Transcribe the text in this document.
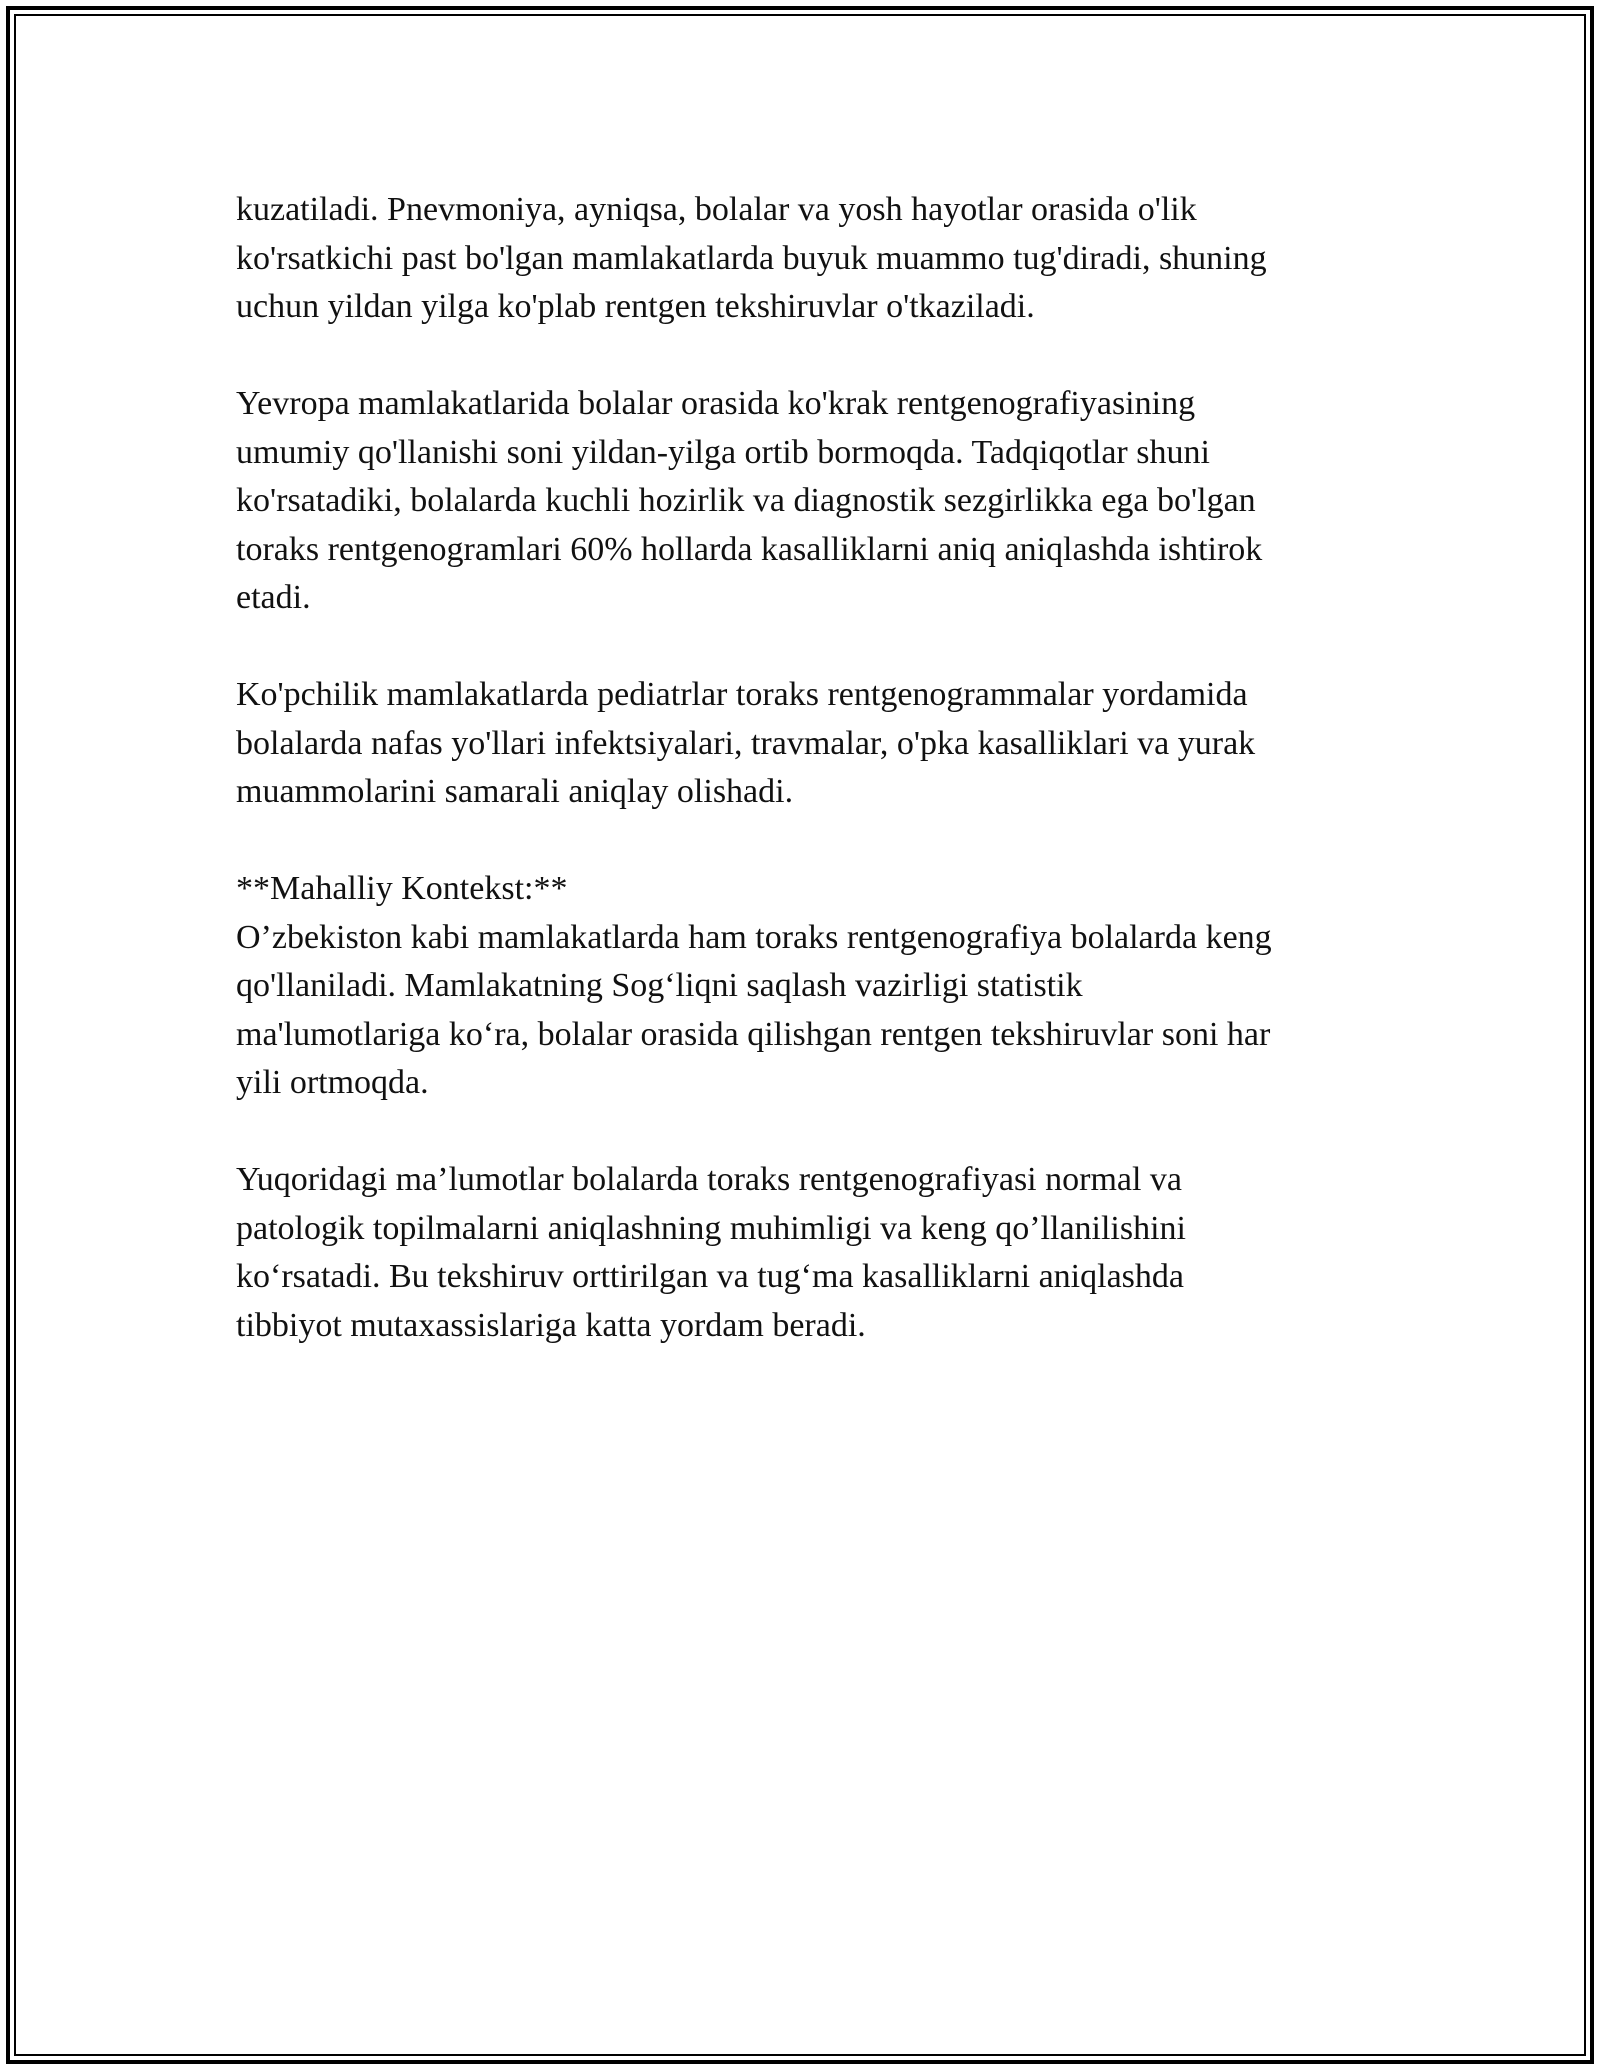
kuzatiladi. Pnevmoniya, ayniqsa, bolalar va yosh hayotlar orasida o'lik
ko'rsatkichi past bo'lgan mamlakatlarda buyuk muammo tug'diradi, shuning
uchun yildan yilga ko'plab rentgen tekshiruvlar o'tkaziladi.

Yevropa mamlakatlarida bolalar orasida ko'krak rentgenografiyasining
umumiy qo'llanishi soni yildan-yilga ortib bormoqda. Tadqiqotlar shuni
ko'rsatadiki, bolalarda kuchli hozirlik va diagnostik sezgirlikka ega bo'lgan
toraks rentgenogramlari 60% hollarda kasalliklarni aniq aniqlashda ishtirok
etadi.

Ko'pchilik mamlakatlarda pediatrlar toraks rentgenogrammalar yordamida
bolalarda nafas yo'llari infektsiyalari, travmalar, o'pka kasalliklari va yurak
muammolarini samarali aniqlay olishadi.

**Mahalliy Kontekst:**
O’zbekiston kabi mamlakatlarda ham toraks rentgenografiya bolalarda keng
qo'llaniladi. Mamlakatning Sog‘liqni saqlash vazirligi statistik
ma'lumotlariga ko‘ra, bolalar orasida qilishgan rentgen tekshiruvlar soni har
yili ortmoqda.

Yuqoridagi ma’lumotlar bolalarda toraks rentgenografiyasi normal va
patologik topilmalarni aniqlashning muhimligi va keng qo’llanilishini
ko‘rsatadi. Bu tekshiruv orttirilgan va tug‘ma kasalliklarni aniqlashda
tibbiyot mutaxassislariga katta yordam beradi.
